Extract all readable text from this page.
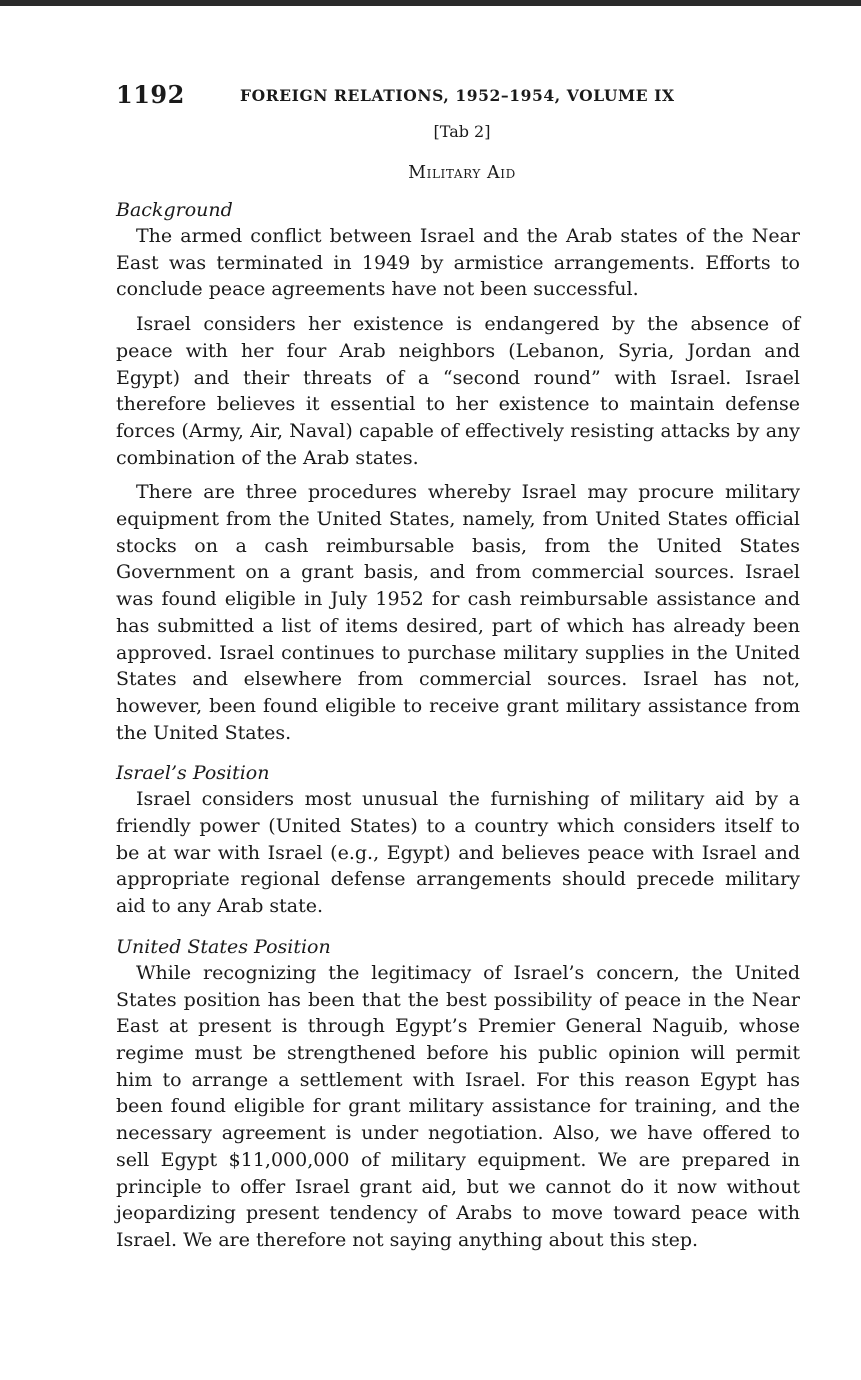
1192	FOREIGN RELATIONS, 1952–1954, VOLUME IX
[Tab 2]
Military Aid
Background

The armed conflict between Israel and the Arab states of the Near East was terminated in 1949 by armistice arrangements. Efforts to conclude peace agreements have not been successful.

Israel considers her existence is endangered by the absence of peace with her four Arab neighbors (Lebanon, Syria, Jordan and Egypt) and their threats of a “second round” with Israel. Israel therefore believes it essential to her existence to maintain defense forces (Army, Air, Naval) capable of effectively resisting attacks by any combination of the Arab states.

There are three procedures whereby Israel may procure military equipment from the United States, namely, from United States official stocks on a cash reimbursable basis, from the United States Government on a grant basis, and from commercial sources. Israel was found eligible in July 1952 for cash reimbursable assistance and has submitted a list of items desired, part of which has already been approved. Israel continues to purchase military supplies in the United States and elsewhere from commercial sources. Israel has not, however, been found eligible to receive grant military assistance from the United States.

Israel’s Position

Israel considers most unusual the furnishing of military aid by a friendly power (United States) to a country which considers itself to be at war with Israel (e.g., Egypt) and believes peace with Israel and appropriate regional defense arrangements should precede military aid to any Arab state.

United States Position

While recognizing the legitimacy of Israel’s concern, the United States position has been that the best possibility of peace in the Near East at present is through Egypt’s Premier General Naguib, whose regime must be strengthened before his public opinion will permit him to arrange a settlement with Israel. For this reason Egypt has been found eligible for grant military assistance for training, and the necessary agreement is under negotiation. Also, we have offered to sell Egypt $11,000,000 of military equipment. We are prepared in principle to offer Israel grant aid, but we cannot do it now without jeopardizing present tendency of Arabs to move toward peace with Israel. We are therefore not saying anything about this step.
